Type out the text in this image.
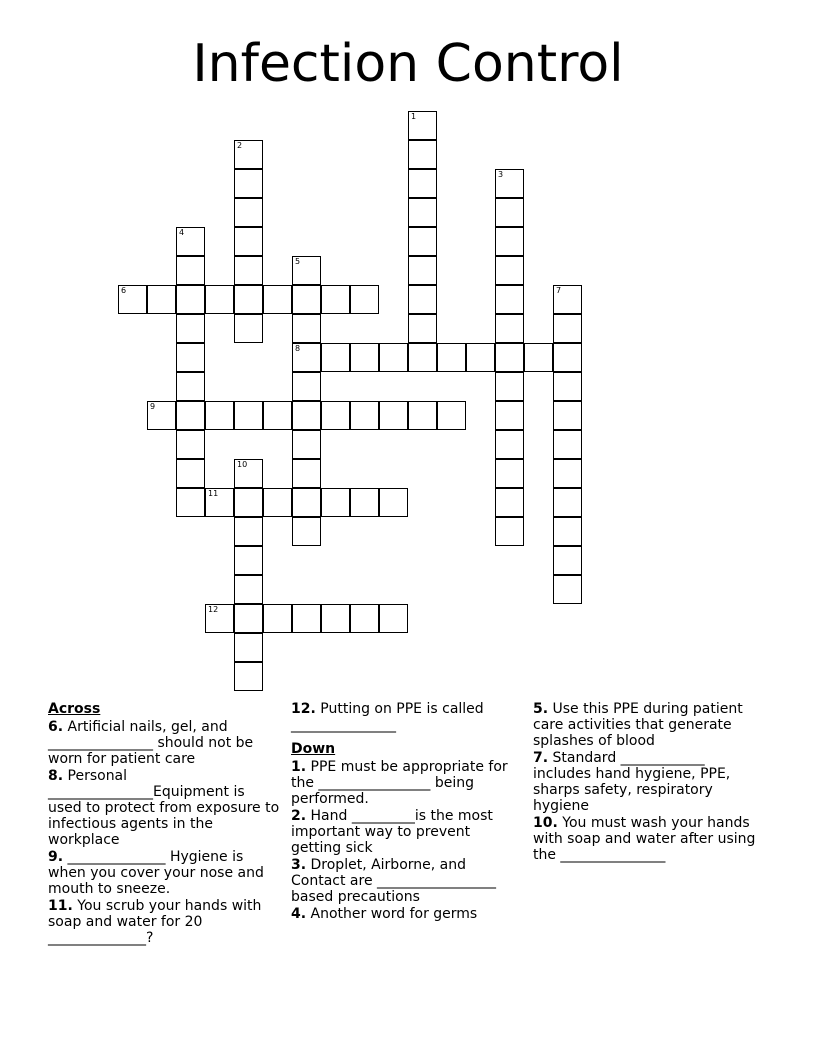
Infection Control
1
2
3
4
5
8
6	7
9
10
11
12
Across
6. Artificial nails, gel, and _______________ should not be worn for patient care
8. Personal _______________Equipment is used to protect from exposure to infectious agents in the workplace
9. ______________ Hygiene is when you cover your nose and mouth to sneeze.
11. You scrub your hands with soap and water for 20 ______________?
12. Putting on PPE is called _______________
Down
1. PPE must be appropriate for the ________________ being performed.
2. Hand _________is the most important way to prevent getting sick
3. Droplet, Airborne, and Contact are _________________ based precautions
4. Another word for germs
5. Use this PPE during patient care activities that generate splashes of blood
7. Standard ____________ includes hand hygiene, PPE, sharps safety, respiratory hygiene
10. You must wash your hands with soap and water after using the _______________
